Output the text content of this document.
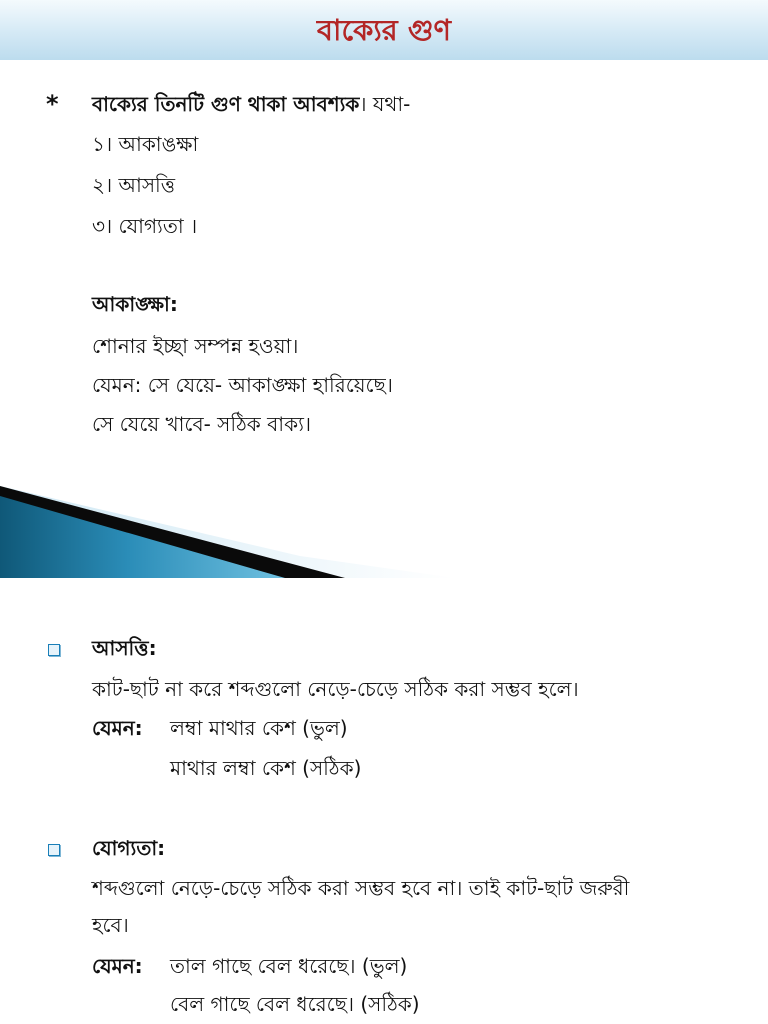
বাক্যের গুণ
* বাক্যের তিনটি গুণ থাকা আবশ্যক। যথা-
১। আকাঙক্ষা
২। আসত্তি
৩। যোগ্যতা ।
আকাঙ্ক্ষা:
শোনার ইচ্ছা সম্পন্ন হওয়া।
যেমন: সে যেয়ে- আকাঙ্ক্ষা হারিয়েছে।
সে যেয়ে খাবে- সঠিক বাক্য।
আসত্তি:
কাট-ছাট না করে শব্দগুলো নেড়ে-চেড়ে সঠিক করা সম্ভব হলে।
যেমন: লম্বা মাথার কেশ (ভুল)
মাথার লম্বা কেশ (সঠিক)
যোগ্যতা:
শব্দগুলো নেড়ে-চেড়ে সঠিক করা সম্ভব হবে না। তাই কাট-ছাট জরুরী
হবে।
যেমন: তাল গাছে বেল ধরেছে। (ভুল)
বেল গাছে বেল ধরেছে। (সঠিক)
